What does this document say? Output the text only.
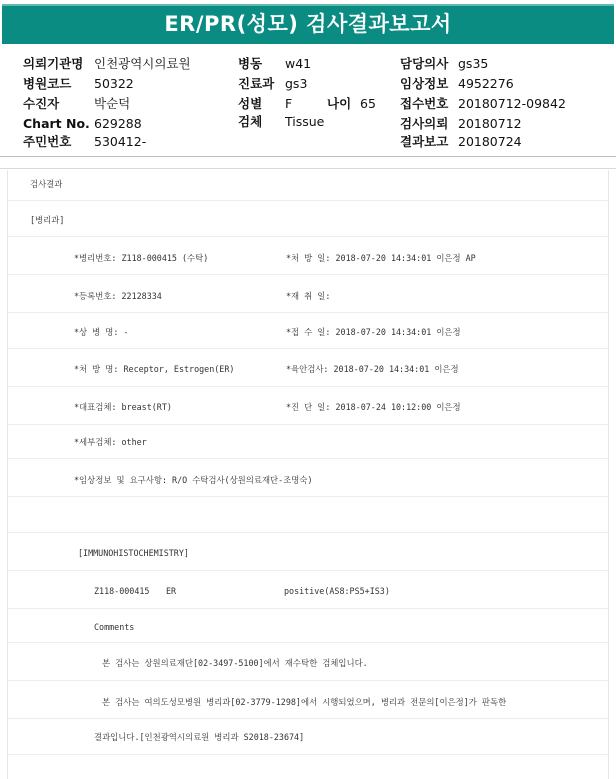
ER/PR(성모) 검사결과보고서
의뢰기관명 인천광역시의료원
병원코드 50322
수진자	박순덕
Chart No. 629288
주민번호 530412-
병동 w41
진료과 gs3
성별 F	나이 65
검체 Tissue
담당의사 gs35
임상정보 4952276
접수번호 20180712-09842
검사의뢰 20180712
결과보고 20180724
검사결과
[병리과]
*병리번호: Z118-000415 (수탁)	*처 방 일: 2018-07-20 14:34:01 이은정 AP
*등록번호: 22128334	*재 취 일:
*상 병 명: -	*접 수 일: 2018-07-20 14:34:01 이은정
*처 방 명: Receptor, Estrogen(ER)	*육안검사: 2018-07-20 14:34:01 이은정
*대표검체: breast(RT)	*진 단 일: 2018-07-24 10:12:00 이은정
*세부검체: other
*임상정보 및 요구사항: R/O 수탁검사(상원의료재단-조명숙)
[IMMUNOHISTOCHEMISTRY]
Z118-000415 ER	positive(AS8:PS5+IS3)
Comments
본 검사는 상원의료재단[02-3497-5100]에서 재수탁한 검체입니다.
본 검사는 여의도성모병원 병리과[02-3779-1298]에서 시행되었으며, 병리과 전문의[이은정]가 판독한
결과입니다.[인천광역시의료원 병리과 S2018-23674]
